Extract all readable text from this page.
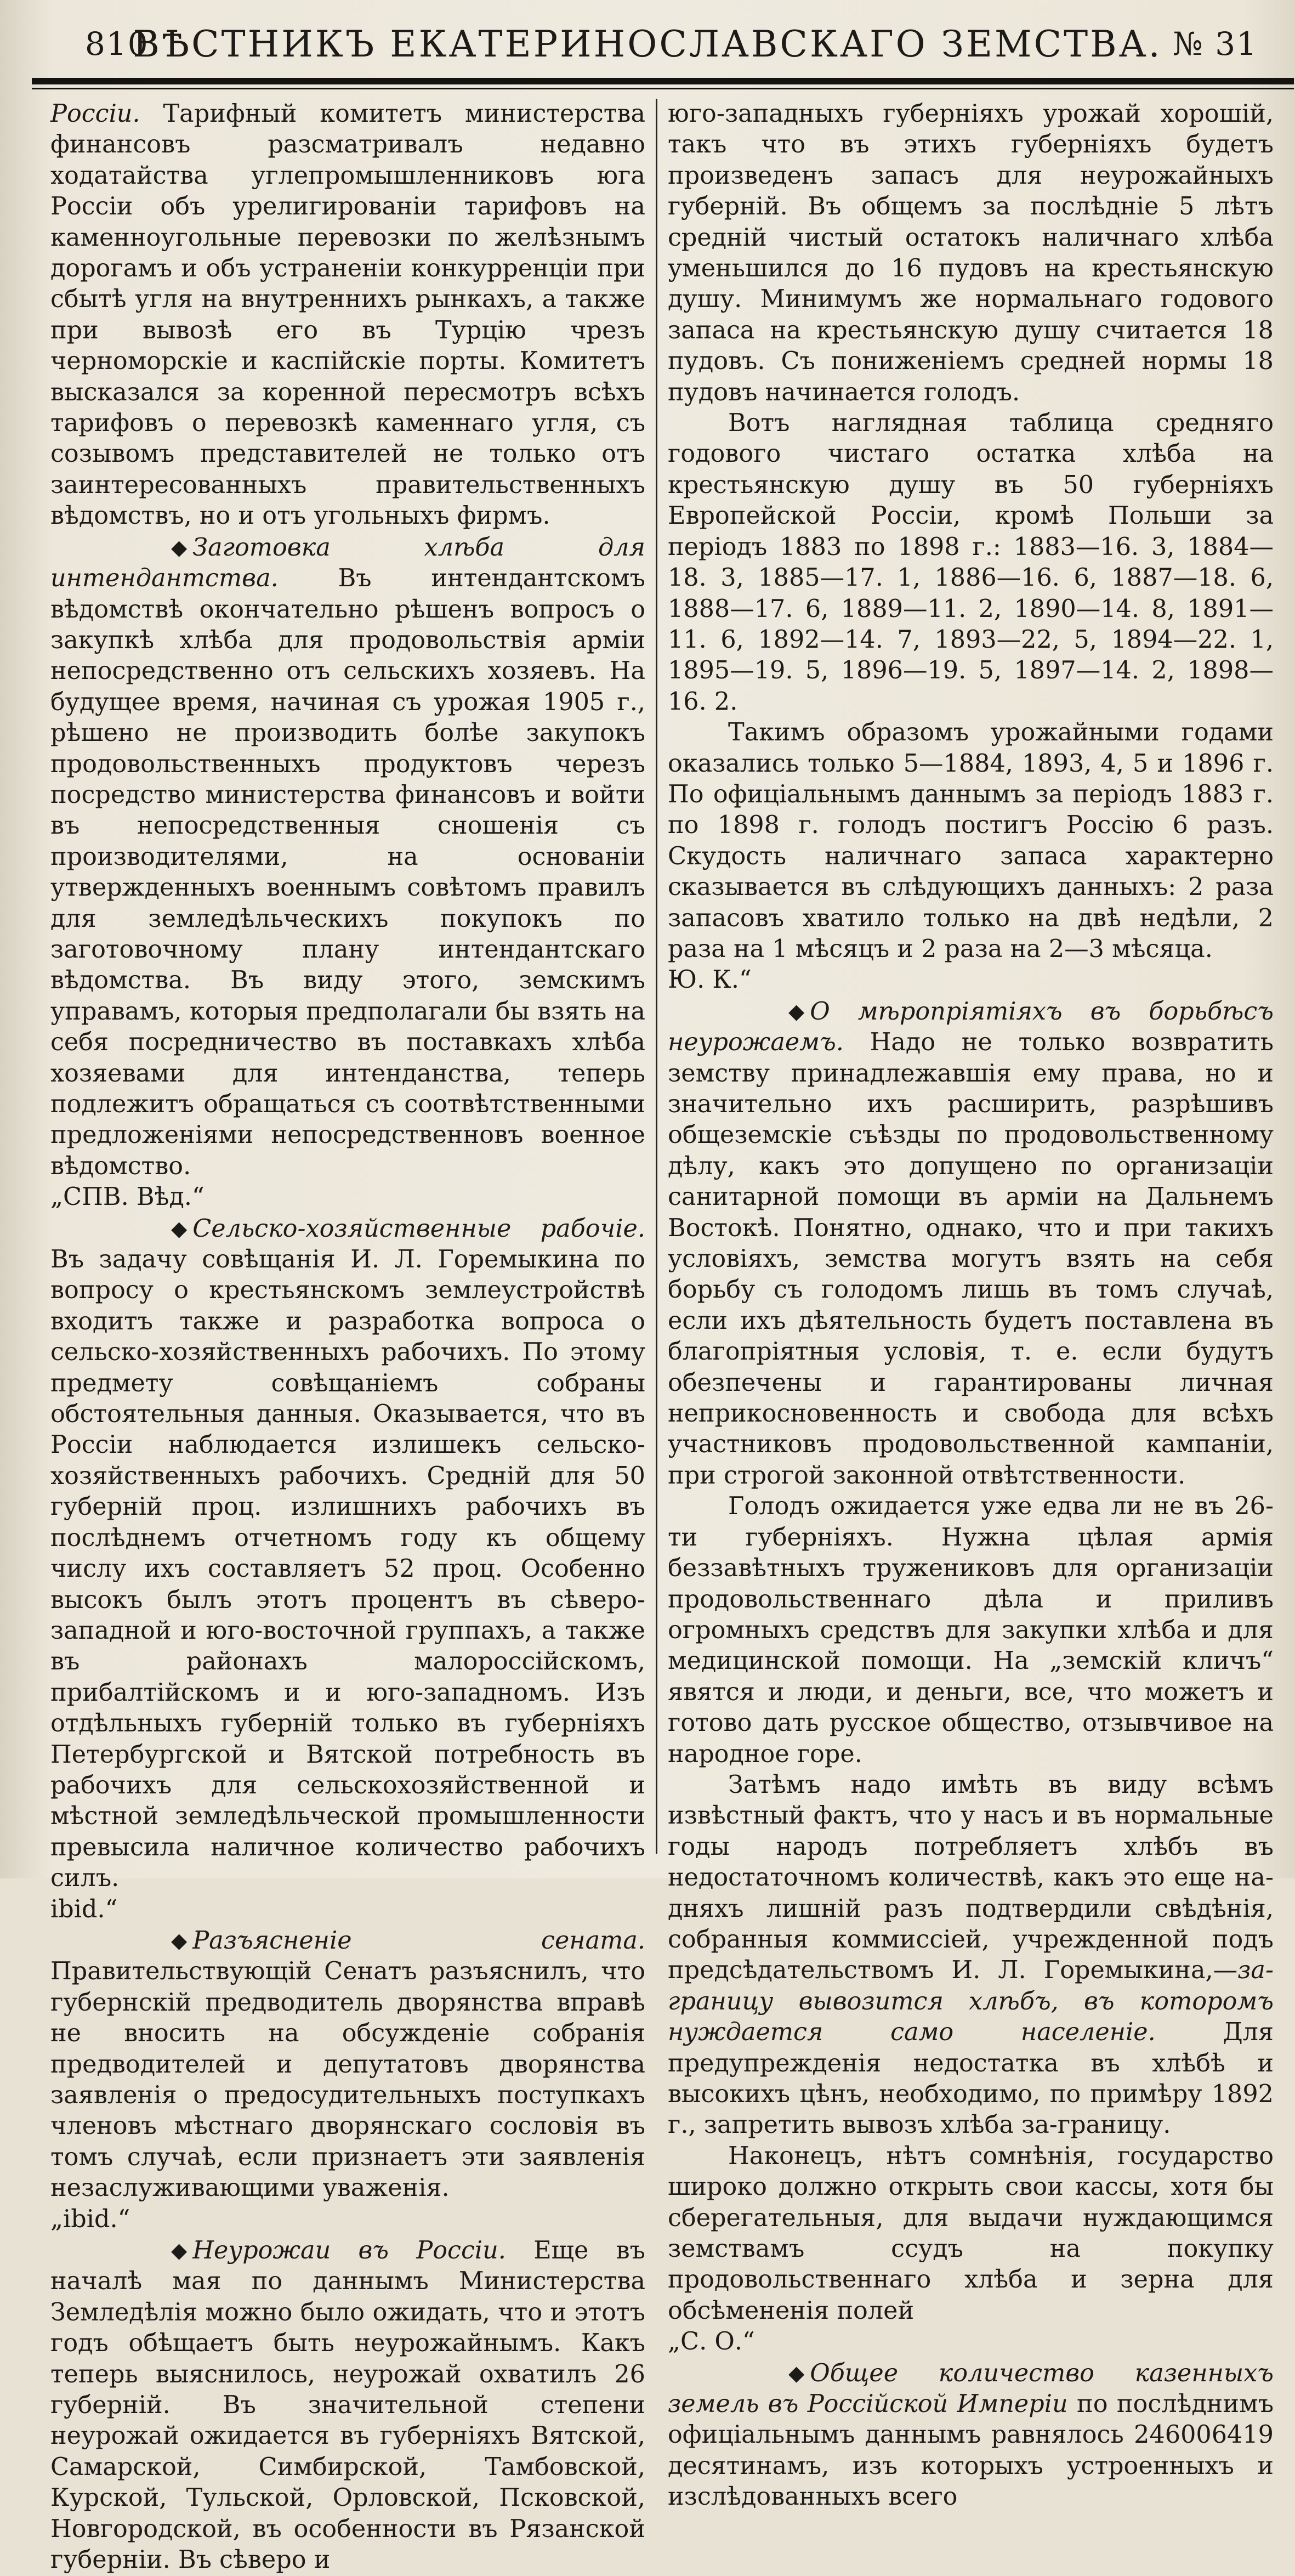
810
ВѢСТНИКЪ ЕКАТЕРИНОСЛАВСКАГО ЗЕМСТВА. № 31

Россіи. Тарифный комитетъ министерства финансовъ разсматривалъ недавно ходатайства углепромышленниковъ юга Россіи объ урелигированіи тарифовъ на каменноугольные перевозки по желѣзнымъ дорогамъ и объ устраненіи конкурренціи при сбытѣ угля на внутреннихъ рынкахъ, а также при вывозѣ его въ Турцію чрезъ черноморскіе и каспійскіе порты. Комитетъ высказался за коренной пересмотръ всѣхъ тарифовъ о перевозкѣ каменнаго угля, съ созывомъ представителей не только отъ заинтересованныхъ правительственныхъ вѣдомствъ, но и отъ угольныхъ фирмъ.

◆ Заготовка хлѣба для интендантства. Въ интендантскомъ вѣдомствѣ окончательно рѣшенъ вопросъ о закупкѣ хлѣба для продовольствія арміи непосредственно отъ сельскихъ хозяевъ. На будущее время, начиная съ урожая 1905 г., рѣшено не производить болѣе закупокъ продовольственныхъ продуктовъ черезъ посредство министерства финансовъ и войти въ непосредственныя сношенія съ производителями, на основаніи утвержденныхъ военнымъ совѣтомъ правилъ для земледѣльческихъ покупокъ по заготовочному плану интендантскаго вѣдомства. Въ виду этого, земскимъ управамъ, которыя предполагали бы взять на себя посредничество въ поставкахъ хлѣба хозяевами для интенданства, теперь подлежитъ обращаться съ соотвѣтственными предложеніями непосредственновъ военное вѣдомство.

„СПВ. Вѣд.“

◆ Сельско-хозяйственные рабочіе. Въ задачу совѣщанія И. Л. Горемыкина по вопросу о крестьянскомъ землеустройствѣ входитъ также и разработка вопроса о сельско-хозяйственныхъ рабочихъ. По этому предмету совѣщаніемъ собраны обстоятельныя данныя. Оказывается, что въ Россіи наблюдается излишекъ сельско-хозяйственныхъ рабочихъ. Средній для 50 губерній проц. излишнихъ рабочихъ въ послѣднемъ отчетномъ году къ общему числу ихъ составляетъ 52 проц. Особенно высокъ былъ этотъ процентъ въ сѣверо-западной и юго-восточной группахъ, а также въ районахъ малороссійскомъ, прибалтійскомъ и и юго-западномъ. Изъ отдѣльныхъ губерній только въ губерніяхъ Петербургской и Вятской потребность въ рабочихъ для сельскохозяйственной и мѣстной земледѣльческой промышленности превысила наличное количество рабочихъ силъ.

ibid.“

◆ Разъясненіе сената. Правительствующій Сенатъ разъяснилъ, что губернскій предводитель дворянства вправѣ не вносить на обсужденіе собранія предводителей и депутатовъ дворянства заявленія о предосудительныхъ поступкахъ членовъ мѣстнаго дворянскаго сословія въ томъ случаѣ, если признаетъ эти заявленія незаслуживающими уваженія.

„ibid.“

◆ Неурожаи въ Россіи. Еще въ началѣ мая по даннымъ Министерства Земледѣлія можно было ожидать, что и этотъ годъ обѣщаетъ быть неурожайнымъ. Какъ теперь выяснилось, неурожай охватилъ 26 губерній. Въ значительной степени неурожай ожидается въ губерніяхъ Вятской, Самарской, Симбирской, Тамбовской, Курской, Тульской, Орловской, Псковской, Новгородской, въ особенности въ Рязанской губерніи. Въ сѣверо и

юго-западныхъ губерніяхъ урожай хорошій, такъ что въ этихъ губерніяхъ будетъ произведенъ запасъ для неурожайныхъ губерній. Въ общемъ за послѣдніе 5 лѣтъ средній чистый остатокъ наличнаго хлѣба уменьшился до 16 пудовъ на крестьянскую душу. Минимумъ же нормальнаго годового запаса на крестьянскую душу считается 18 пудовъ. Съ пониженіемъ средней нормы 18 пудовъ начинается голодъ.

Вотъ наглядная таблица средняго годового чистаго остатка хлѣба на крестьянскую душу въ 50 губерніяхъ Европейской Россіи, кромѣ Польши за періодъ 1883 по 1898 г.: 1883—16. 3, 1884—18. 3, 1885—17. 1, 1886—16. 6, 1887—18. 6, 1888—17. 6, 1889—11. 2, 1890—14. 8, 1891—11. 6, 1892—14. 7, 1893—22, 5, 1894—22. 1, 1895—19. 5, 1896—19. 5, 1897—14. 2, 1898—16. 2.

Такимъ образомъ урожайными годами оказались только 5—1884, 1893, 4, 5 и 1896 г. По офиціальнымъ даннымъ за періодъ 1883 г. по 1898 г. голодъ постигъ Россію 6 разъ. Скудость наличнаго запаса характерно сказывается въ слѣдующихъ данныхъ: 2 раза запасовъ хватило только на двѣ недѣли, 2 раза на 1 мѣсяцъ и 2 раза на 2—3 мѣсяца.

Ю. К.“

◆ О мѣропріятіяхъ въ борьбѣсъ неурожаемъ. Надо не только возвратить земству принадлежавшія ему права, но и значительно ихъ расширить, разрѣшивъ общеземскіе съѣзды по продовольственному дѣлу, какъ это допущено по организаціи санитарной помощи въ арміи на Дальнемъ Востокѣ. Понятно, однако, что и при такихъ условіяхъ, земства могутъ взять на себя борьбу съ голодомъ лишь въ томъ случаѣ, если ихъ дѣятельность будетъ поставлена въ благопріятныя условія, т. е. если будутъ обезпечены и гарантированы личная неприкосновенность и свобода для всѣхъ участниковъ продовольственной кампаніи, при строгой законной отвѣтственности.

Голодъ ожидается уже едва ли не въ 26-ти губерніяхъ. Нужна цѣлая армія беззавѣтныхъ тружениковъ для организаціи продовольственнаго дѣла и приливъ огромныхъ средствъ для закупки хлѣба и для медицинской помощи. На „земскій кличъ“ явятся и люди, и деньги, все, что можетъ и готово дать русское общество, отзывчивое на народное горе.

Затѣмъ надо имѣть въ виду всѣмъ извѣстный фактъ, что у насъ и въ нормальные годы народъ потребляетъ хлѣбъ въ недостаточномъ количествѣ, какъ это еще на-дняхъ лишній разъ подтвердили свѣдѣнія, собранныя коммиссіей, учрежденной подъ предсѣдательствомъ И. Л. Горемыкина,—за-границу вывозится хлѣбъ, въ которомъ нуждается само населеніе.	Для предупрежденія недостатка въ хлѣбѣ и высокихъ цѣнъ, необходимо, по примѣру 1892 г., запретить вывозъ хлѣба за-границу.

Наконецъ, нѣтъ сомнѣнія, государство широко должно открыть свои кассы, хотя бы сберегательныя, для выдачи нуждающимся земствамъ ссудъ на покупку продовольственнаго хлѣба и зерна для обсѣмененія полей

„С. О.“

◆ Общее количество казенныхъ земель въ Россійской Имперіи по послѣднимъ офиціальнымъ даннымъ равнялось 246006419 десятинамъ, изъ которыхъ устроенныхъ и изслѣдованныхъ всего
